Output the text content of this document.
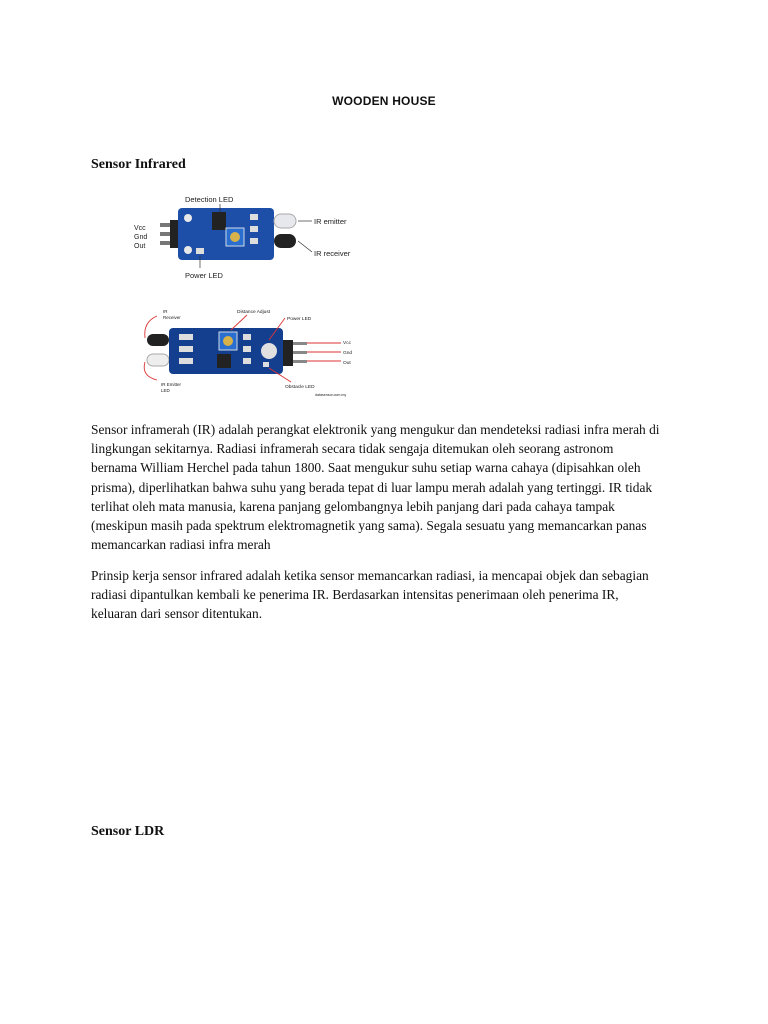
WOODEN HOUSE
Sensor Infrared
Detection LED
IR emitter
IR receiver
Power LED
Vcc
Gnd
Out
IR
Receiver
Distance Adjust
Power LED
Vcc
Gnd
Out
IR Emitter
LED
Obstacle LED
datasensor.com.my
Sensor inframerah (IR) adalah perangkat elektronik yang mengukur dan mendeteksi radiasi infra merah di
lingkungan sekitarnya. Radiasi inframerah secara tidak sengaja ditemukan oleh seorang astronom
bernama William Herchel pada tahun 1800. Saat mengukur suhu setiap warna cahaya (dipisahkan oleh
prisma), diperlihatkan bahwa suhu yang berada tepat di luar lampu merah adalah yang tertinggi. IR tidak
terlihat oleh mata manusia, karena panjang gelombangnya lebih panjang dari pada cahaya tampak
(meskipun masih pada spektrum elektromagnetik yang sama). Segala sesuatu yang memancarkan panas
memancarkan radiasi infra merah
Prinsip kerja sensor infrared adalah ketika sensor memancarkan radiasi, ia mencapai objek dan sebagian
radiasi dipantulkan kembali ke penerima IR. Berdasarkan intensitas penerimaan oleh penerima IR,
keluaran dari sensor ditentukan.
Sensor LDR
